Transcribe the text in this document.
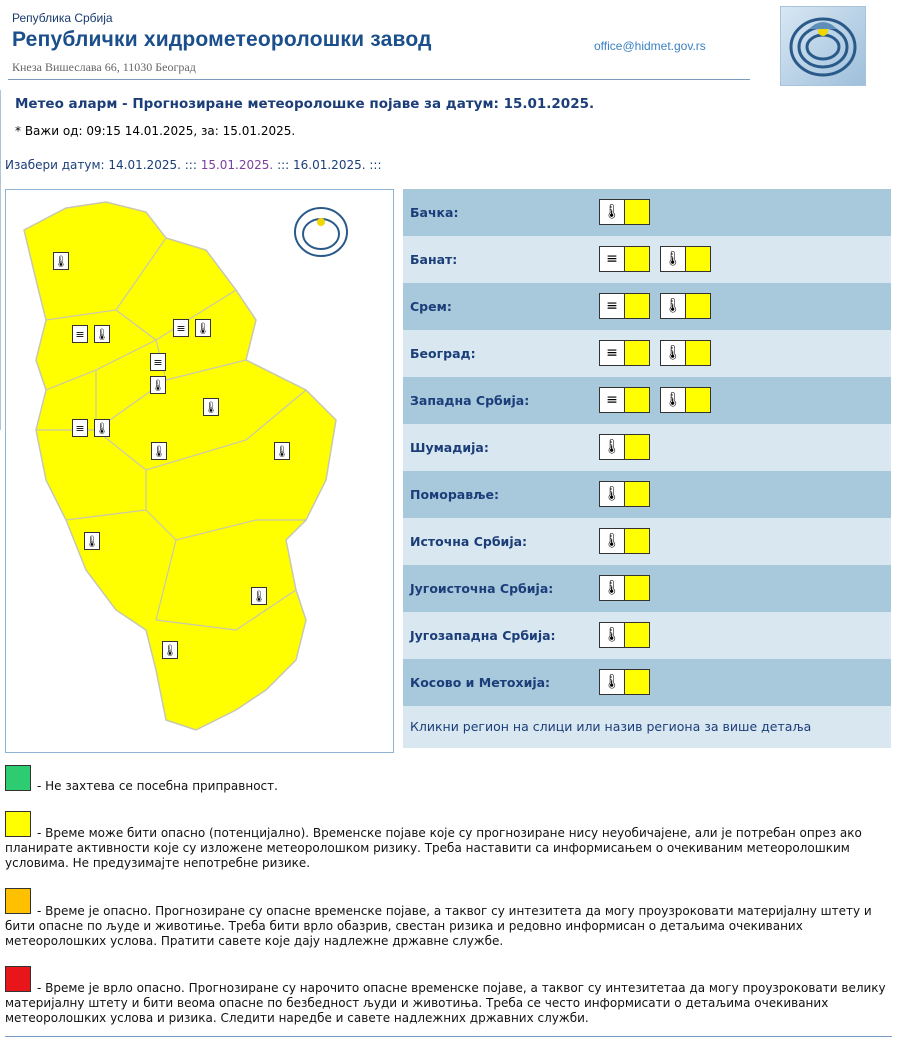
Република Србија
Републички хидрометеоролошки завод
Кнеза Вишеслава 66, 11030 Београд
office@hidmet.gov.rs
Метео аларм - Прогнозиране метеоролошке појаве за датум: 15.01.2025.
* Важи од: 09:15 14.01.2025, за: 15.01.2025.
Изабери датум: 14.01.2025. ::: 15.01.2025. ::: 16.01.2025. :::
🌡
≡ 🌡	≡ 🌡
≡
🌡
🌡
≡ 🌡
🌡	🌡
🌡
🌡
🌡
Бачка:	🌡
Банат:	≡	🌡
Срем:	≡	🌡
Београд:	≡	🌡
Западна Србија:	≡	🌡
Шумадија:	🌡
Поморавље:	🌡
Источна Србија:	🌡
Југоисточна Србија:	🌡
Југозападна Србија:	🌡
Косово и Метохија:	🌡
Кликни регион на слици или назив региона за више детаља
- Не захтева се посебна приправност.
- Време може бити опасно (потенцијално). Временске појаве које су прогнозиране нису неуобичајене, али је потребан опрез ако планирате активности које су изложене метеоролошком ризику. Треба наставити са информисањем о очекиваним метеоролошким условима. Не предузимајте непотребне ризике.
- Време је опасно. Прогнозиране су опасне временске појаве, а таквог су интезитета да могу проузроковати материјалну штету и бити опасне по људе и животиње. Треба бити врло обазрив, свестан ризика и редовно информисан о детаљима очекиваних метеоролошких услова. Пратити савете које дају надлежне државне службе.
- Време је врло опасно. Прогнозиране су нарочито опасне временске појаве, а таквог су интезитетаа да могу проузроковати велику материјалну штету и бити веома опасне по безбедност људи и животиња. Треба се често информисати о детаљима очекиваних метеоролошких услова и ризика. Следити наредбе и савете надлежних државних служби.
